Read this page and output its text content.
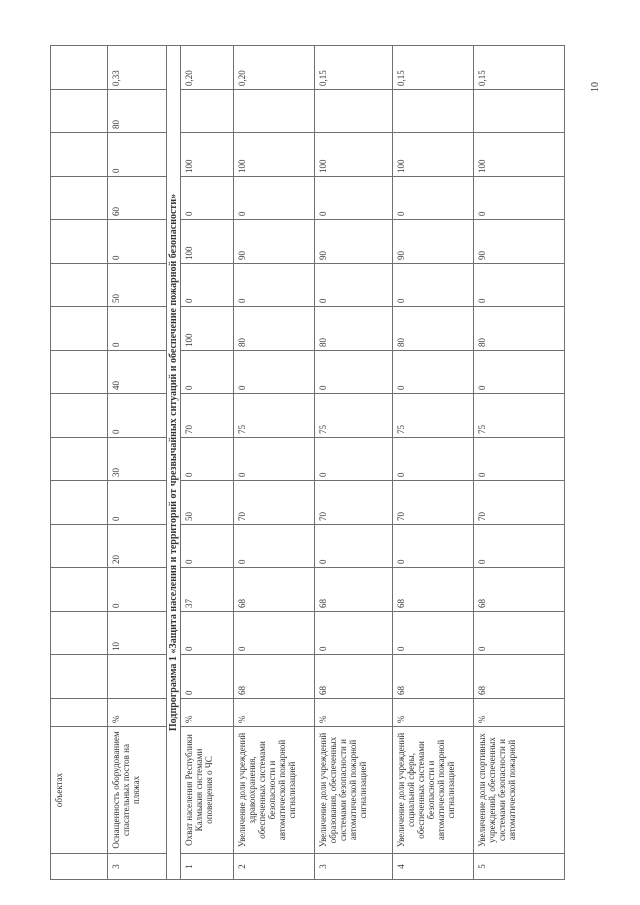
10
объектах
3
Оснащенность оборудованием спасательных постов на пляжах
%
10
0
20
0
30
0
40
0
50
0
60
0
80
0,33
Подпрограмма 1 «Защита населения и территорий от чрезвычайных ситуаций и обеспечение пожарной безопасности»
1
Охват населения Республики Калмыкия системами оповещения о ЧС
%
0
0
37
0
50
0
70
0
100
0
100
0
100
0,20
2
Увеличение доли учреждений здравоохранения, обеспеченных системами безопасности и автоматической пожарной сигнализацией
%
68
0
68
0
70
0
75
0
80
0
90
0
100
0,20
3
Увеличение доли учреждений образования, обеспеченных системами безопасности и автоматической пожарной сигнализацией
%
68
0
68
0
70
0
75
0
80
0
90
0
100
0,15
4
Увеличение доли учреждений социальной сферы, обеспеченных системами безопасности и автоматической пожарной сигнализацией
%
68
0
68
0
70
0
75
0
80
0
90
0
100
0,15
5
Увеличение доли спортивных учреждений, обеспеченных системами безопасности и автоматической пожарной
%
68
0
68
0
70
0
75
0
80
0
90
0
100
0,15
